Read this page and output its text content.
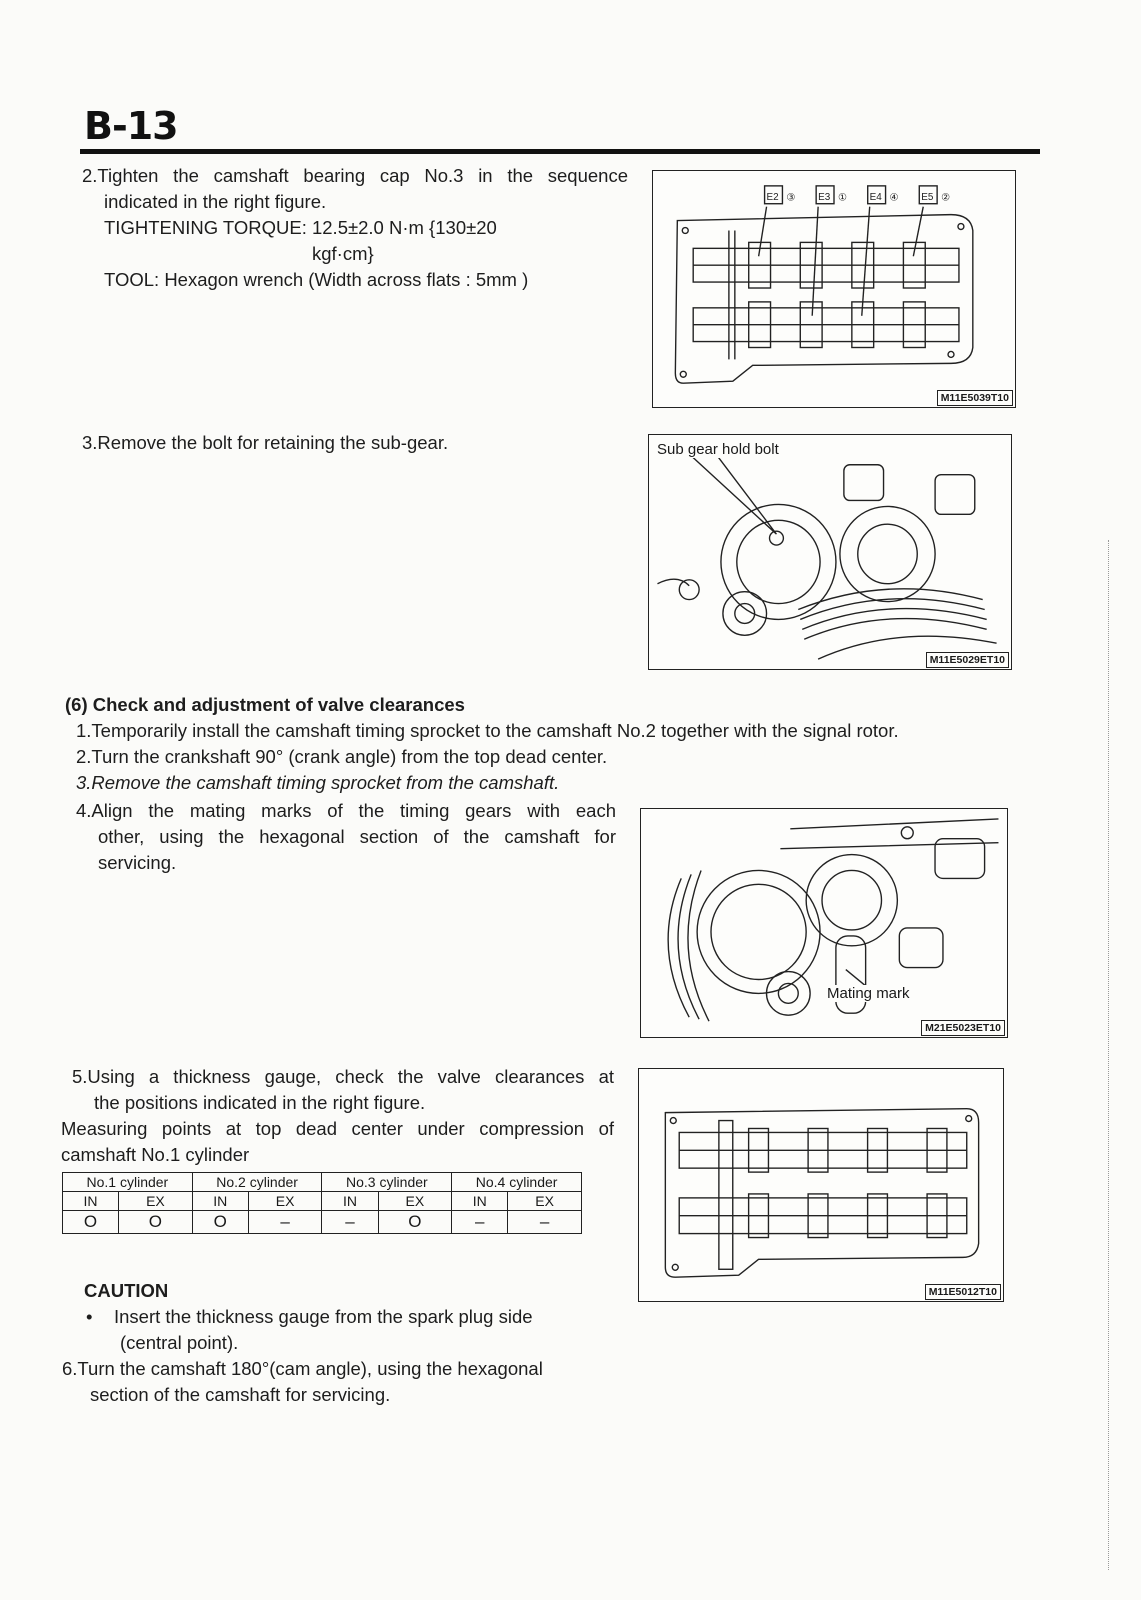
B-13

2.Tighten the camshaft bearing cap No.3 in the sequence

indicated in the right figure.

TIGHTENING TORQUE: 12.5±2.0 N·m {130±20

kgf·cm}

TOOL: Hexagon wrench (Width across flats : 5mm )

3.Remove the bolt for retaining the sub-gear.

E2 ③ E3 ① E4 ④ E5 ②
M11E5039T10
Sub gear hold bolt
M11E5029ET10

(6) Check and adjustment of valve clearances

1.Temporarily install the camshaft timing sprocket to the camshaft No.2 together with the signal rotor.

2.Turn the crankshaft 90° (crank angle) from the top dead center.

3.Remove the camshaft timing sprocket from the camshaft.

4.Align the mating marks of the timing gears with each

other, using the hexagonal section of the camshaft for

servicing.

Mating mark
M21E5023ET10

5.Using a thickness gauge, check the valve clearances at

the positions indicated in the right figure.

Measuring points at top dead center under compression of

camshaft No.1 cylinder

No.1 cylinder		No.2 cylinder		No.3 cylinder		No.4 cylinder	
IN	EX	IN	EX	IN	EX	IN	EX
O	O	O	–	–	O	–	–
M11E5012T10

CAUTION

• Insert the thickness gauge from the spark plug side

(central point).

6.Turn the camshaft 180°(cam angle), using the hexagonal

section of the camshaft for servicing.
